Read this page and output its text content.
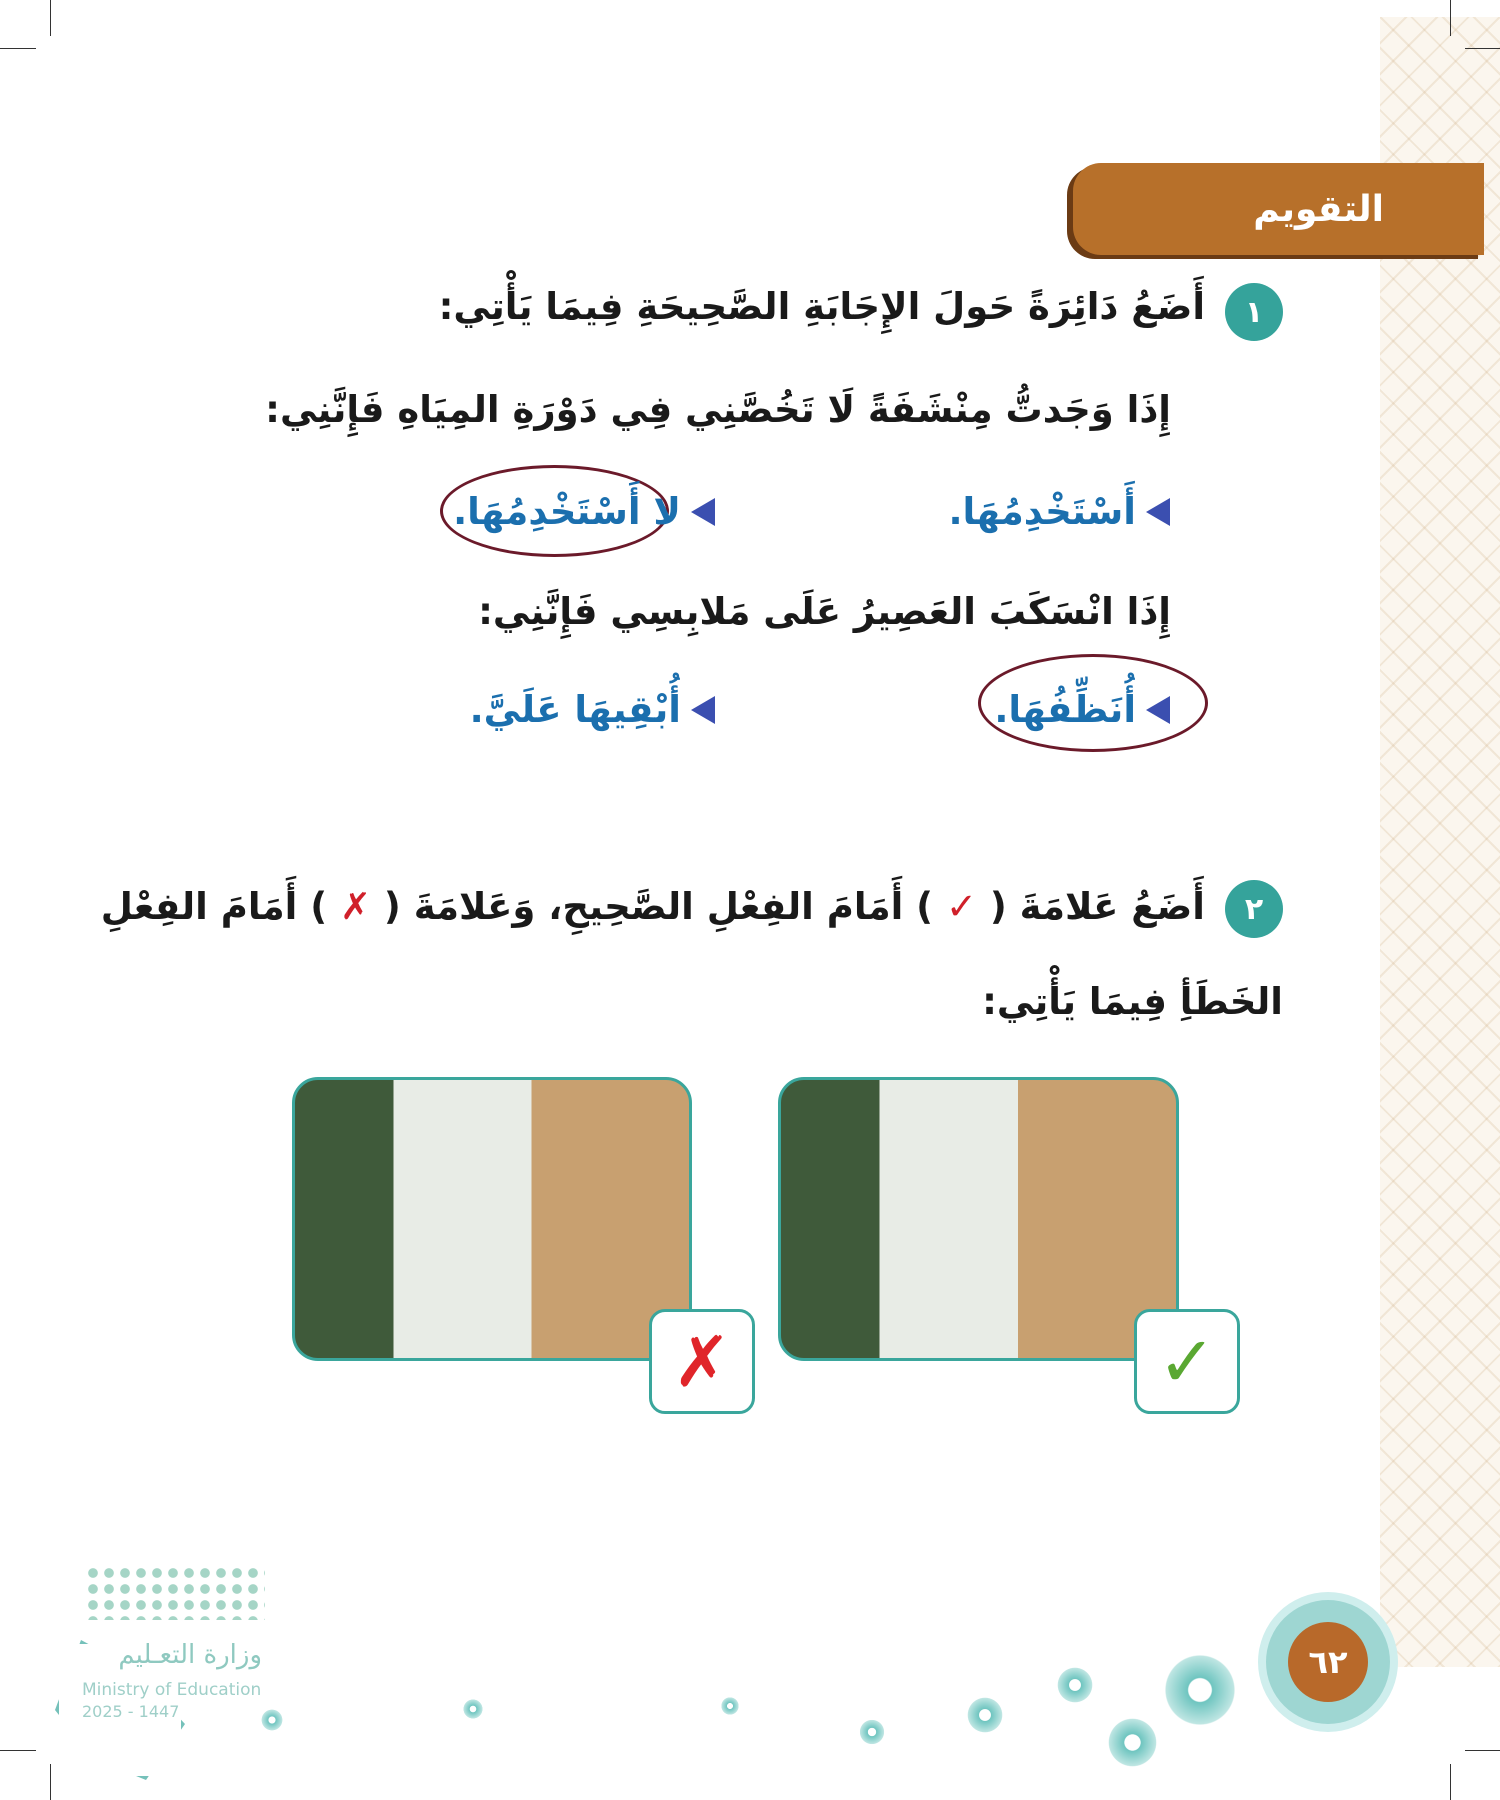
التقويم
١
أَضَعُ دَائِرَةً حَولَ الإِجَابَةِ الصَّحِيحَةِ فِيمَا يَأْتِي:
إِذَا وَجَدتُّ مِنْشَفَةً لَا تَخُصَّنِي فِي دَوْرَةِ المِيَاهِ فَإِنَّنِي:
أَسْتَخْدِمُهَا.
لا أَسْتَخْدِمُهَا.
إِذَا انْسَكَبَ العَصِيرُ عَلَى مَلابِسِي فَإِنَّنِي:
أُنَظِّفُهَا.
أُبْقِيهَا عَلَيَّ.
٢
أَضَعُ عَلامَةَ ( ✓ ) أَمَامَ الفِعْلِ الصَّحِيحِ، وَعَلامَةَ ( ✗ ) أَمَامَ الفِعْلِ
الخَطَأِ فِيمَا يَأْتِي:
✓
✗
وزارة التعـليم
Ministry of Education
2025 - 1447
٦٢
